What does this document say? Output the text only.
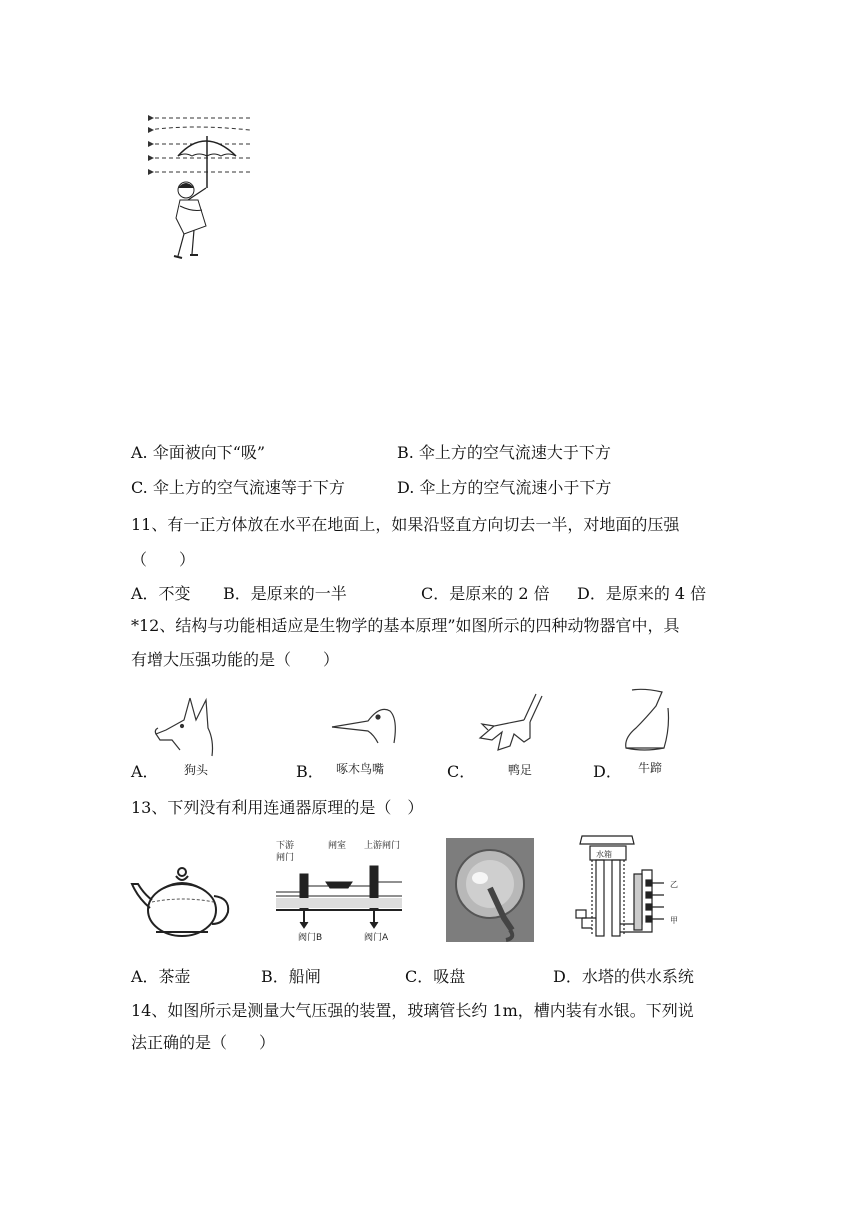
A. 伞面被向下“吸”	B. 伞上方的空气流速大于下方
C. 伞上方的空气流速等于下方	D. 伞上方的空气流速小于下方
11、有一正方体放在水平在地面上，如果沿竖直方向切去一半，对地面的压强
（　　）
A．不变 B．是原来的一半	C．是原来的 2 倍 D．是原来的 4 倍
*12、结构与功能相适应是生物学的基本原理”如图所示的四种动物器官中，具
有增大压强功能的是（　　）
狗头
A．	啄木鸟嘴
B．	鸭足
C．	牛蹄
D．
13、下列没有利用连通器原理的是（　）
下游
闸门
闸室 上游闸门
阀门B	阀门A
水箱
乙
甲
A．茶壶	B．船闸	C．吸盘	D．水塔的供水系统
14、如图所示是测量大气压强的装置，玻璃管长约 1m，槽内装有水银。下列说
法正确的是（　　）
